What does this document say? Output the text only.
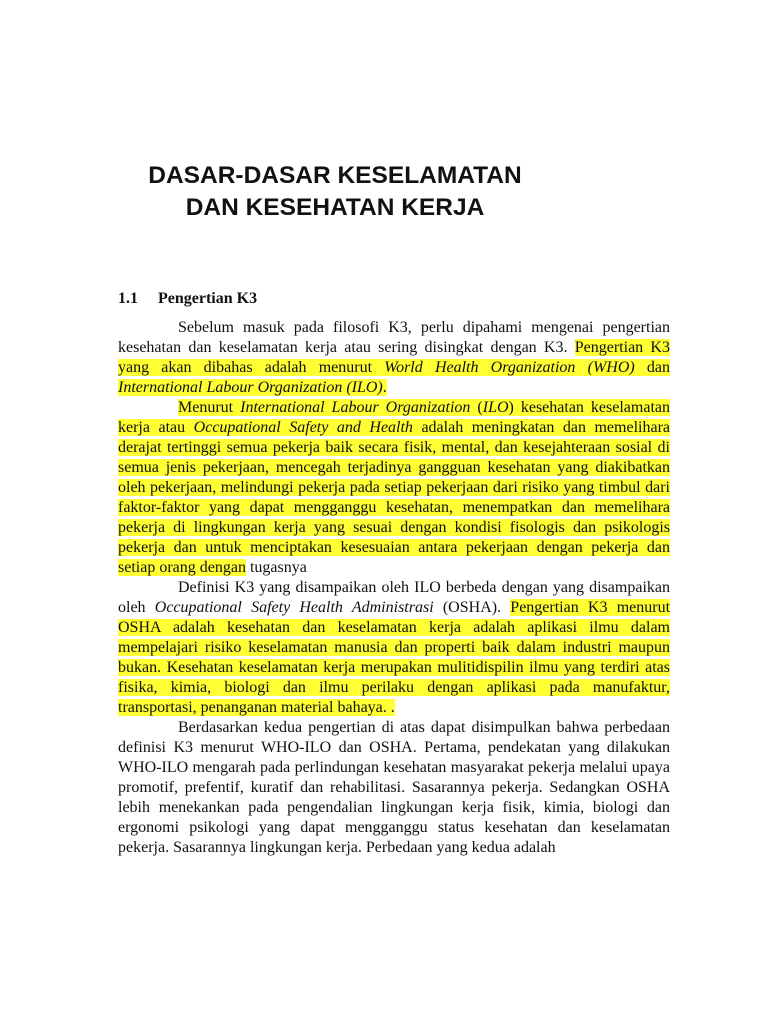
DASAR-DASAR KESELAMATAN
DAN KESEHATAN KERJA
1.1 Pengertian K3

Sebelum masuk pada filosofi K3, perlu dipahami mengenai pengertian kesehatan dan keselamatan kerja atau sering disingkat dengan K3. Pengertian K3 yang akan dibahas adalah menurut World Health Organization (WHO) dan International Labour Organization (ILO).

Menurut International Labour Organization (ILO) kesehatan keselamatan kerja atau Occupational Safety and Health adalah meningkatan dan memelihara derajat tertinggi semua pekerja baik secara fisik, mental, dan kesejahteraan sosial di semua jenis pekerjaan, mencegah terjadinya gangguan kesehatan yang diakibatkan oleh pekerjaan, melindungi pekerja pada setiap pekerjaan dari risiko yang timbul dari faktor-faktor yang dapat mengganggu kesehatan, menempatkan dan memelihara pekerja di lingkungan kerja yang sesuai dengan kondisi fisologis dan psikologis pekerja dan untuk menciptakan kesesuaian antara pekerjaan dengan pekerja dan setiap orang dengan tugasnya

Definisi K3 yang disampaikan oleh ILO berbeda dengan yang disampaikan oleh Occupational Safety Health Administrasi (OSHA). Pengertian K3 menurut OSHA adalah kesehatan dan keselamatan kerja adalah aplikasi ilmu dalam mempelajari risiko keselamatan manusia dan properti baik dalam industri maupun bukan. Kesehatan keselamatan kerja merupakan mulitidispilin ilmu yang terdiri atas fisika, kimia, biologi dan ilmu perilaku dengan aplikasi pada manufaktur, transportasi, penanganan material bahaya. .

Berdasarkan kedua pengertian di atas dapat disimpulkan bahwa perbedaan definisi K3 menurut WHO-ILO dan OSHA. Pertama, pendekatan yang dilakukan WHO-ILO mengarah pada perlindungan kesehatan masyarakat pekerja melalui upaya promotif, prefentif, kuratif dan rehabilitasi. Sasarannya pekerja. Sedangkan OSHA lebih menekankan pada pengendalian lingkungan kerja fisik, kimia, biologi dan ergonomi psikologi yang dapat mengganggu status kesehatan dan keselamatan pekerja. Sasarannya lingkungan kerja. Perbedaan yang kedua adalah
